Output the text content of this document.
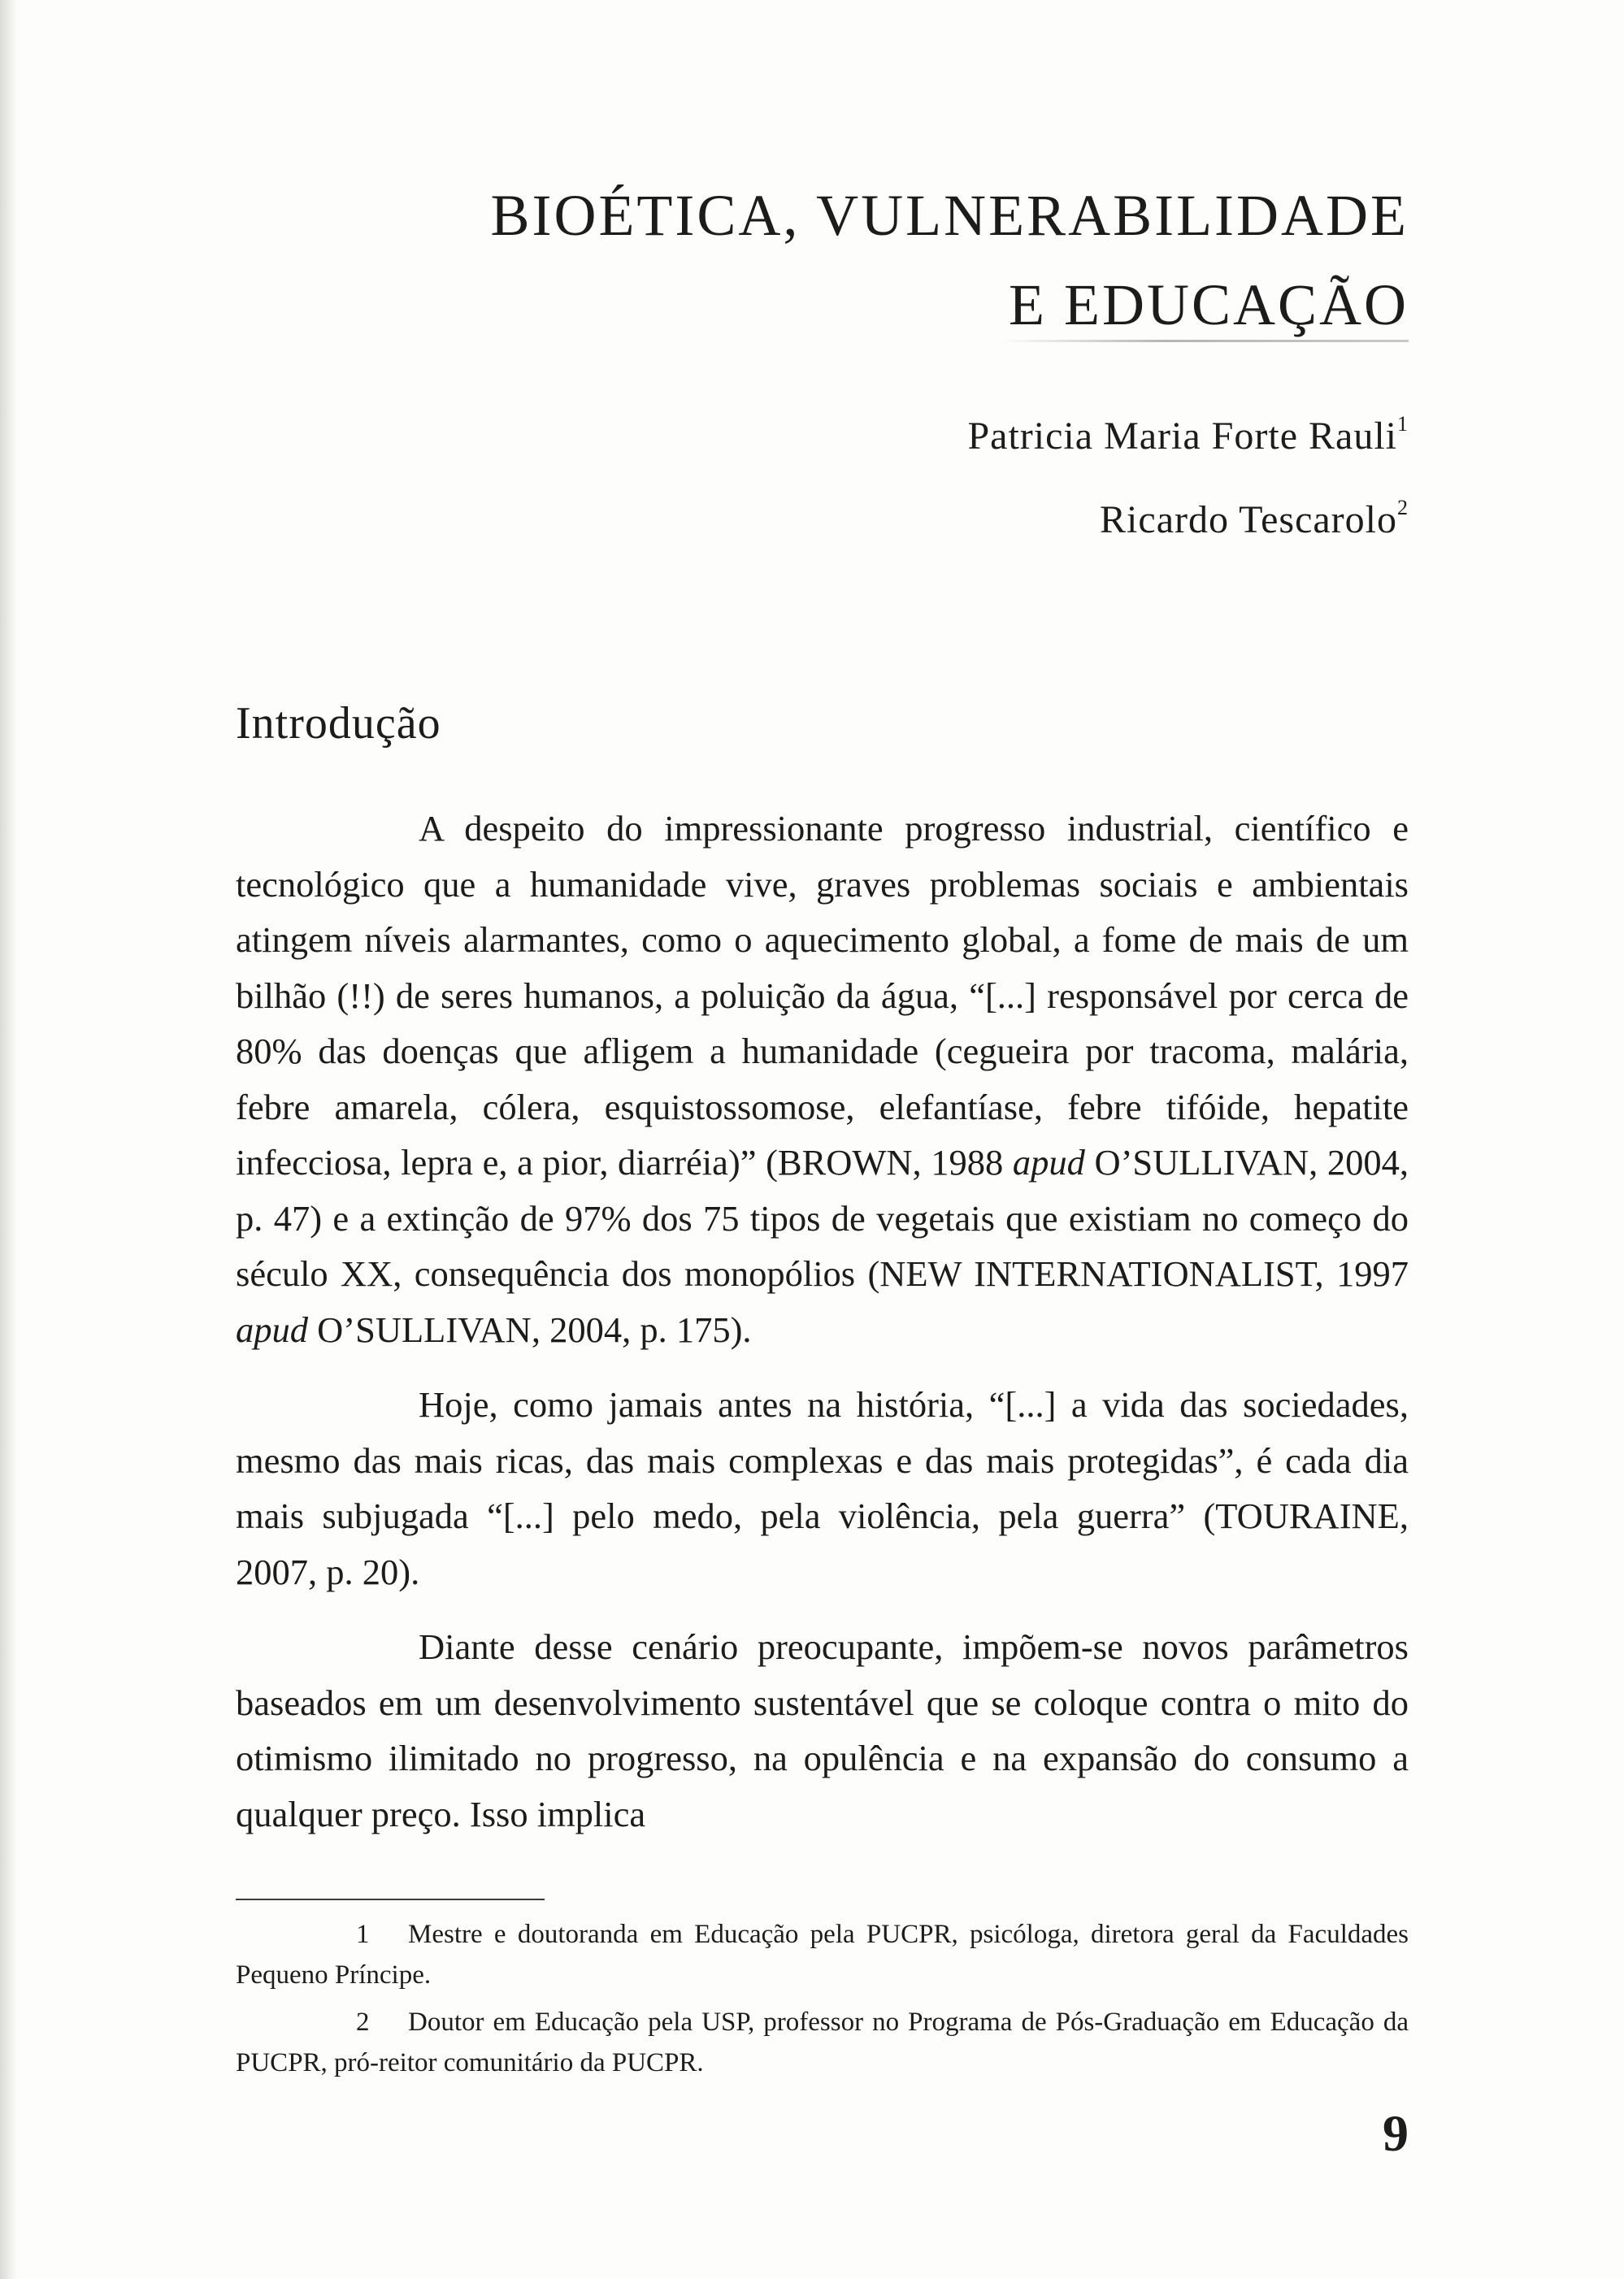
BIOÉTICA, VULNERABILIDADE
E EDUCAÇÃO
Patricia Maria Forte Rauli$^1$
Ricardo Tescarolo$^2$
Introdução

A despeito do impressionante progresso industrial, científico e tecnológico que a humanidade vive, graves problemas sociais e ambientais atingem níveis alarmantes, como o aquecimento global, a fome de mais de um bilhão (!!) de seres humanos, a poluição da água, “[...] responsável por cerca de 80% das doenças que afligem a humanidade (cegueira por tracoma, malária, febre amarela, cólera, esquistossomose, elefantíase, febre tifóide, hepatite infecciosa, lepra e, a pior, diarréia)” (BROWN, 1988 apud O’SULLIVAN, 2004, p. 47) e a extinção de 97% dos 75 tipos de vegetais que existiam no começo do século XX, consequência dos monopólios (NEW INTERNATIONALIST, 1997 apud O’SULLIVAN, 2004, p. 175).

Hoje, como jamais antes na história, “[...] a vida das sociedades, mesmo das mais ricas, das mais complexas e das mais protegidas”, é cada dia mais subjugada “[...] pelo medo, pela violência, pela guerra” (TOURAINE, 2007, p. 20).

Diante desse cenário preocupante, impõem-se novos parâmetros baseados em um desenvolvimento sustentável que se coloque contra o mito do otimismo ilimitado no progresso, na opulência e na expansão do consumo a qualquer preço. Isso implica

1 Mestre e doutoranda em Educação pela PUCPR, psicóloga, diretora geral da Faculdades Pequeno Príncipe.

2 Doutor em Educação pela USP, professor no Programa de Pós-Graduação em Educação da PUCPR, pró-reitor comunitário da PUCPR.

9
